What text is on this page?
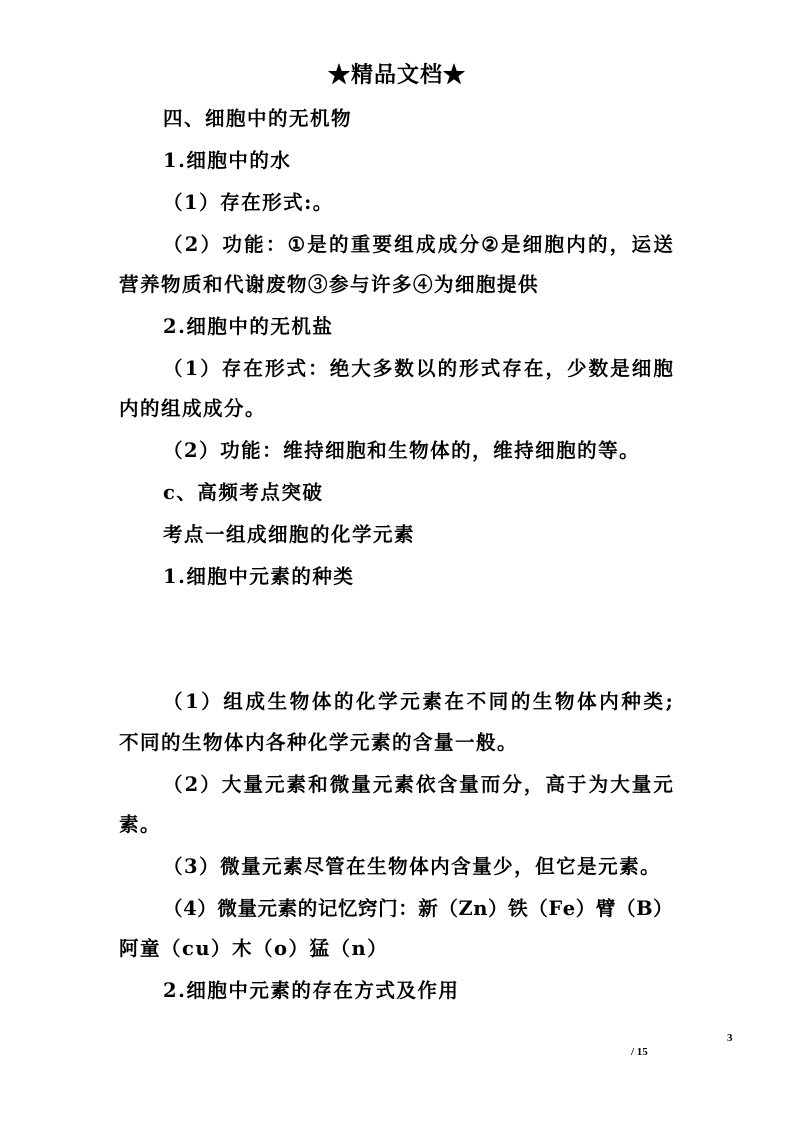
★精品文档★
四、细胞中的无机物
1.细胞中的水
（1）存在形式:。
（ 2 ） 功 能 ： ① 是 的 重 要 组 成 成 分 ② 是 细 胞 内 的 ， 运 送
营养物质和代谢废物③参与许多④为细胞提供
2.细胞中的无机盐
（ 1 ） 存 在 形 式 ： 绝 大 多 数 以 的 形 式 存 在 ， 少 数 是 细 胞
内的组成成分。
（2）功能：维持细胞和生物体的，维持细胞的等。
c、高频考点突破
考点一组成细胞的化学元素
1.细胞中元素的种类
（ 1 ） 组 成 生 物 体 的 化 学 元 素 在 不 同 的 生 物 体 内 种 类 ;
不同的生物体内各种化学元素的含量一般。
（ 2 ） 大 量 元 素 和 微 量 元 素 依 含 量 而 分 ， 高 于 为 大 量 元
素。
（3）微量元素尽管在生物体内含量少，但它是元素。
（ 4 ） 微 量 元 素 的 记 忆 窍 门 ： 新 （ Z n ） 铁 （ F e ） 臂 （ B ）
阿童（cu）木（o）猛（n）
2.细胞中元素的存在方式及作用
3
/ 15
